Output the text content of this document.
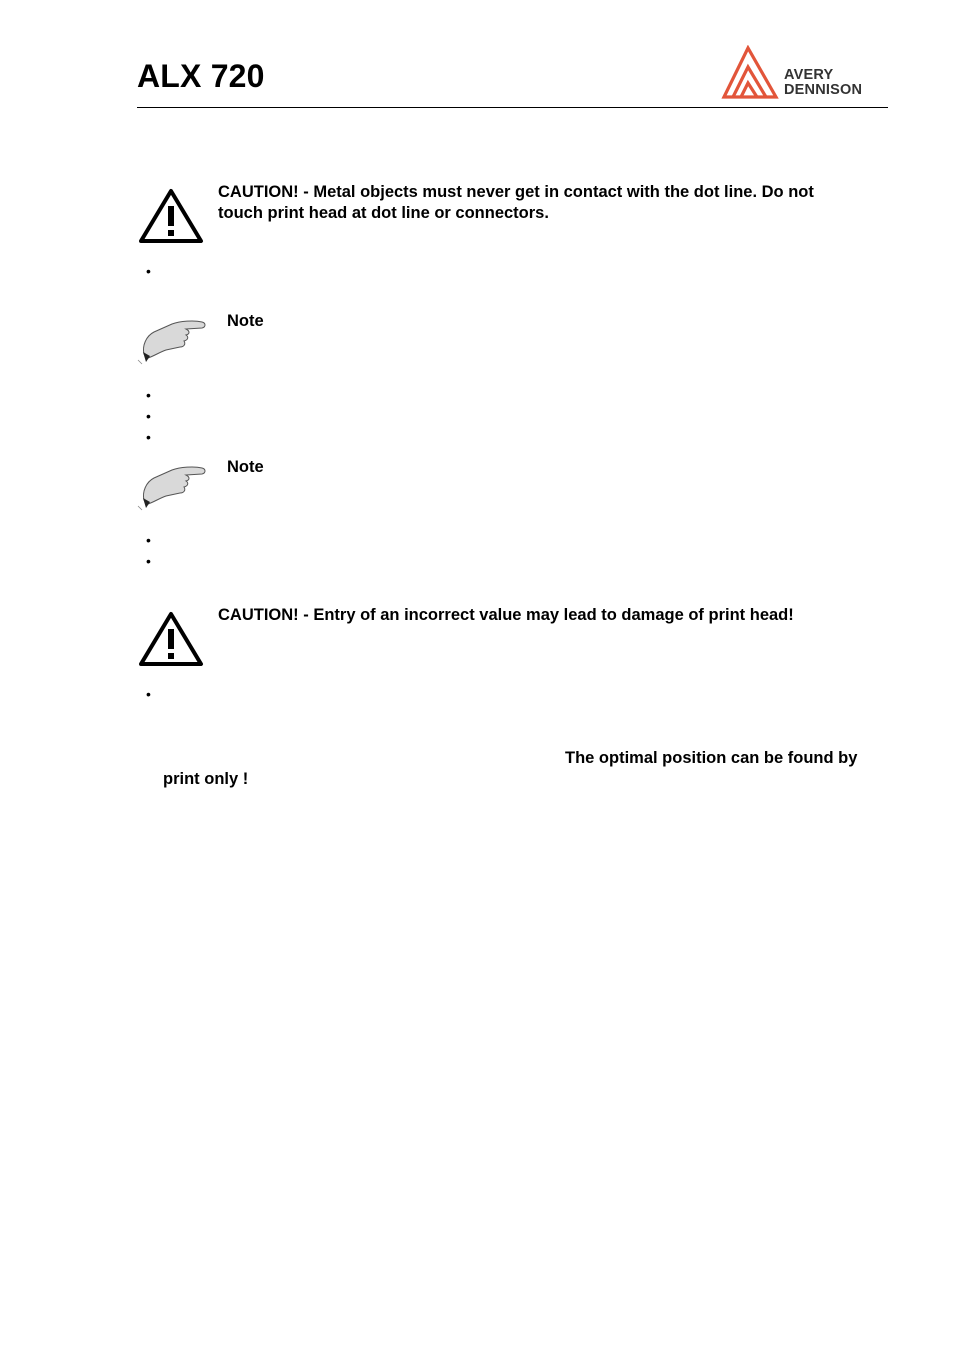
ALX 720	AVERY
DENNISON
CAUTION! - Metal objects must never get in contact with the dot line. Do not
touch print head at dot line or connectors.
•
Note
•
•
•
Note
•
•
CAUTION! - Entry of an incorrect value may lead to damage of print head!
•
The optimal position can be found by
print only !
